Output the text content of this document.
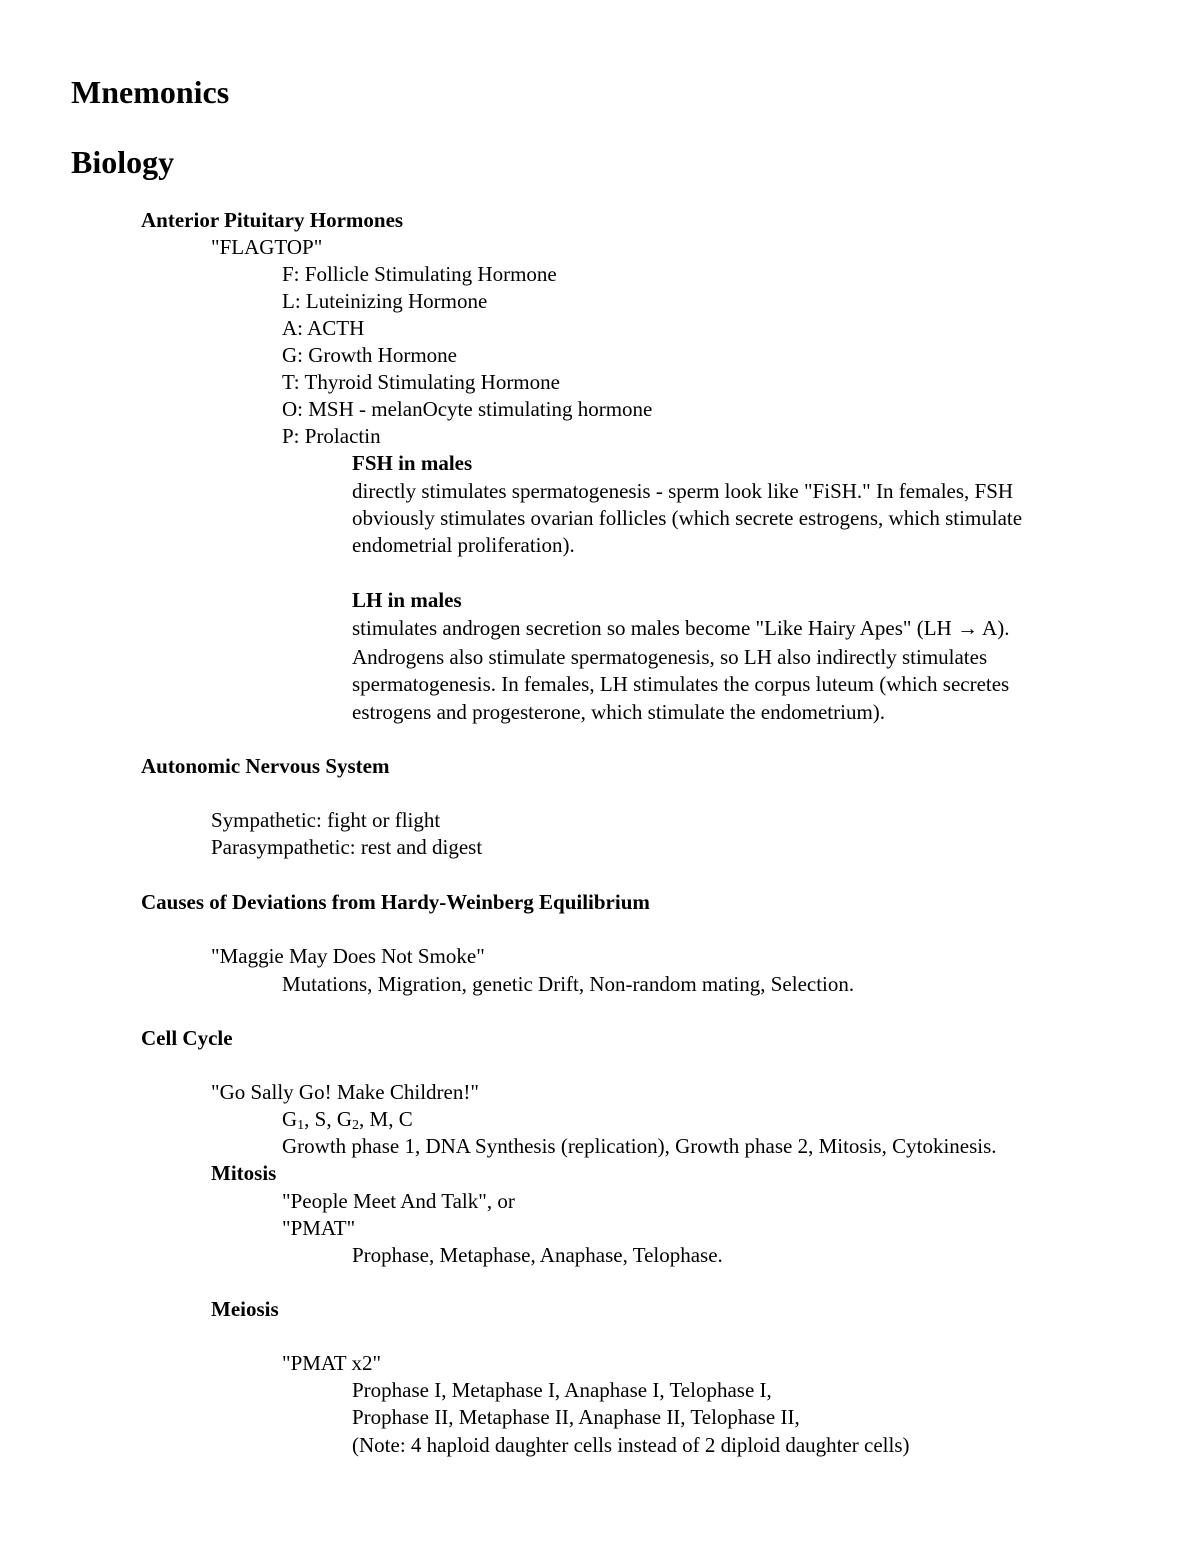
Mnemonics
Biology
Anterior Pituitary Hormones
"FLAGTOP"
F: Follicle Stimulating Hormone
L: Luteinizing Hormone
A: ACTH
G: Growth Hormone
T: Thyroid Stimulating Hormone
O: MSH - melanOcyte stimulating hormone
P: Prolactin
FSH in males
directly stimulates spermatogenesis - sperm look like "FiSH." In females, FSH
obviously stimulates ovarian follicles (which secrete estrogens, which stimulate
endometrial proliferation).
LH in males
stimulates androgen secretion so males become "Like Hairy Apes" (LH → A).
Androgens also stimulate spermatogenesis, so LH also indirectly stimulates
spermatogenesis. In females, LH stimulates the corpus luteum (which secretes
estrogens and progesterone, which stimulate the endometrium).
Autonomic Nervous System
Sympathetic: fight or flight
Parasympathetic: rest and digest
Causes of Deviations from Hardy-Weinberg Equilibrium
"Maggie May Does Not Smoke"
Mutations, Migration, genetic Drift, Non-random mating, Selection.
Cell Cycle
"Go Sally Go! Make Children!"
$G_1$, S, $G_2$, M, C
Growth phase 1, DNA Synthesis (replication), Growth phase 2, Mitosis, Cytokinesis.
Mitosis
"People Meet And Talk", or
"PMAT"
Prophase, Metaphase, Anaphase, Telophase.
Meiosis
"PMAT x2"
Prophase I, Metaphase I, Anaphase I, Telophase I,
Prophase II, Metaphase II, Anaphase II, Telophase II,
(Note: 4 haploid daughter cells instead of 2 diploid daughter cells)
